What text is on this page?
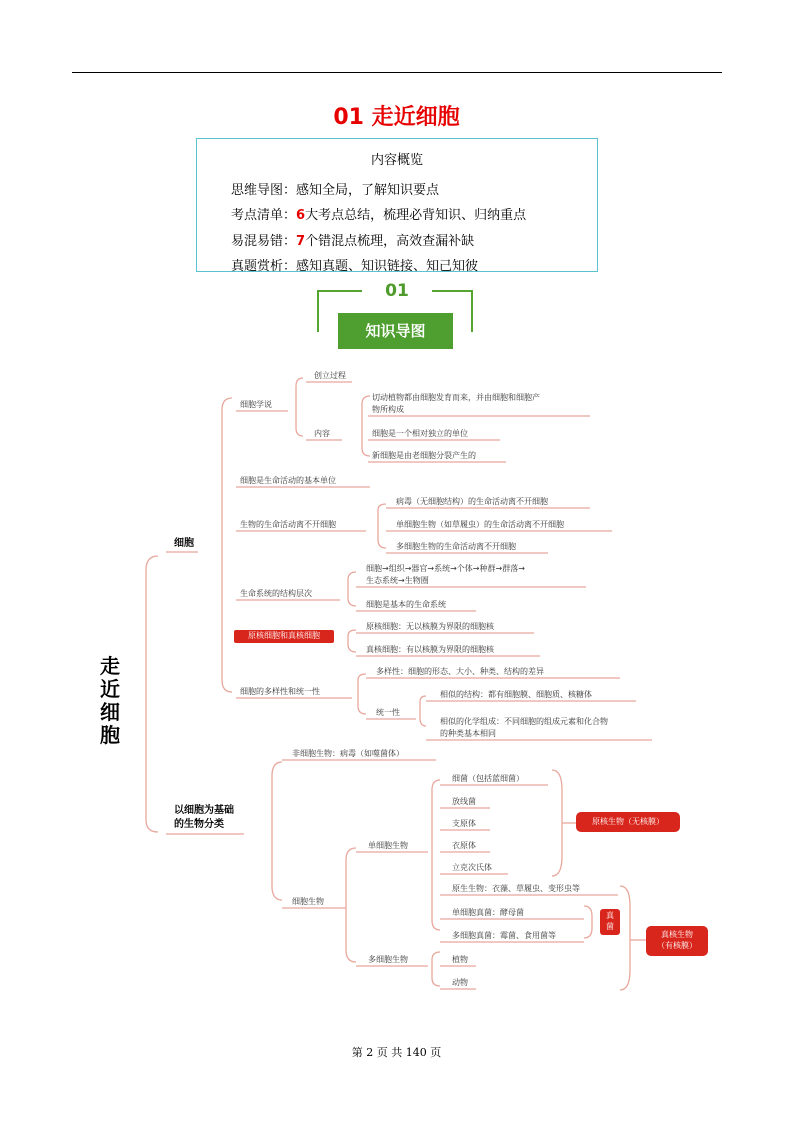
01 走近细胞
内容概览
思维导图：感知全局，了解知识要点
考点清单：6大考点总结，梳理必背知识、归纳重点
易混易错：7个错混点梳理，高效查漏补缺
真题赏析：感知真题、知识链接、知己知彼
01
知识导图
走
近
细
胞
细胞
以细胞为基础
的生物分类
细胞学说
创立过程
内容
切动植物都由细胞发育而来，并由细胞和细胞产
物所构成
细胞是一个相对独立的单位
新细胞是由老细胞分裂产生的
细胞是生命活动的基本单位
生物的生命活动离不开细胞
病毒（无细胞结构）的生命活动离不开细胞
单细胞生物（如草履虫）的生命活动离不开细胞
多细胞生物的生命活动离不开细胞
生命系统的结构层次
细胞→组织→器官→系统→个体→种群→群落→
生态系统→生物圈
细胞是基本的生命系统
原核细胞和真核细胞
原核细胞：无以核膜为界限的细胞核
真核细胞：有以核膜为界限的细胞核
细胞的多样性和统一性
多样性：细胞的形态、大小、种类、结构的差异
统一性
相似的结构：都有细胞膜、细胞质、核糖体
相似的化学组成：不同细胞的组成元素和化合物
的种类基本相同
非细胞生物：病毒（如噬菌体）
细胞生物
单细胞生物
多细胞生物
细菌（包括蓝细菌）
放线菌
支原体
衣原体
立克次氏体
原生生物：衣藻、草履虫、变形虫等
单细胞真菌：酵母菌
多细胞真菌：霉菌、食用菌等
植物
动物
原核生物（无核膜）
真
菌
真核生物
（有核膜）
第 2 页 共 140 页
